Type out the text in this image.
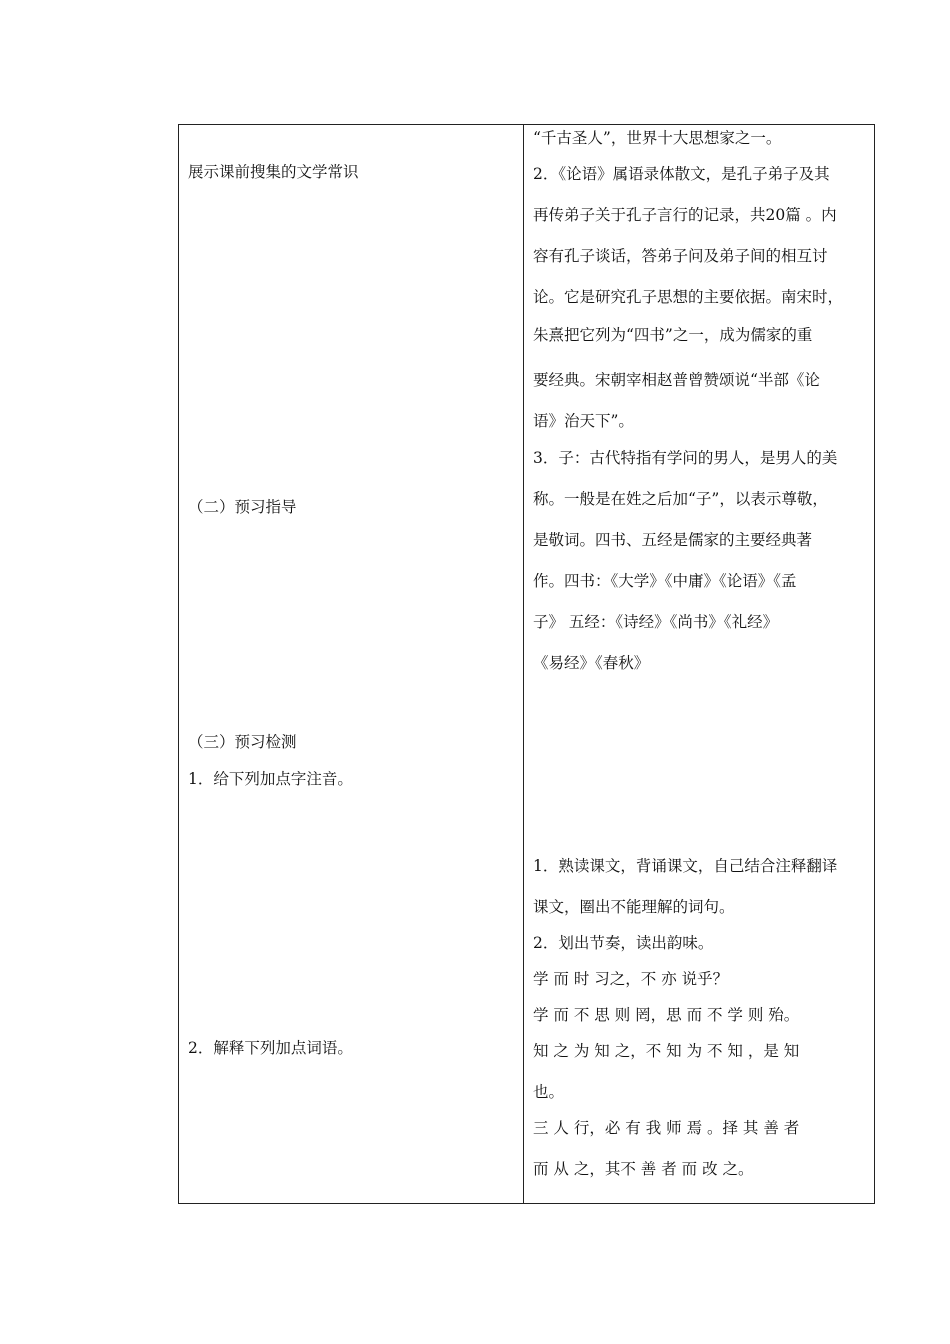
展示课前搜集的文学常识
（二）预习指导
（三）预习检测
1．给下列加点字注音。
2．解释下列加点词语。
“千古圣人”，世界十大思想家之一。
2．《论语》属语录体散文，是孔子弟子及其
再传弟子关于孔子言行的记录，共20篇 。内
容有孔子谈话，答弟子问及弟子间的相互讨
论。它是研究孔子思想的主要依据。南宋时，
朱熹把它列为“四书”之一，成为儒家的重
要经典。宋朝宰相赵普曾赞颂说“半部《论
语》治天下”。
3．子：古代特指有学问的男人，是男人的美
称。一般是在姓之后加“子”，以表示尊敬，
是敬词。四书、五经是儒家的主要经典著
作。四书：《大学》《中庸》《论语》《孟
子》 五经：《诗经》《尚书》《礼经》
《易经》《春秋》
1．熟读课文，背诵课文，自己结合注释翻译
课文，圈出不能理解的词句。
2．划出节奏，读出韵味。
学 而 时 习之，不 亦 说乎？
学 而 不 思 则 罔，思 而 不 学 则 殆。
知 之 为 知 之，不 知 为 不 知 ，是 知
也。
三 人 行，必 有 我 师 焉 。择 其 善 者
而 从 之，其不 善 者 而 改 之。
